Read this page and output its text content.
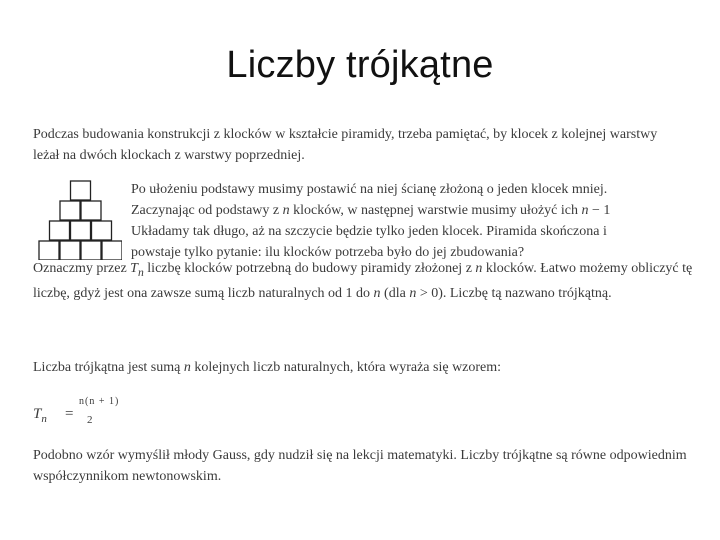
Liczby trójkątne
Podczas budowania konstrukcji z klocków w kształcie piramidy, trzeba pamiętać, by klocek z kolejnej warstwy leżał na dwóch klockach z warstwy poprzedniej.
Po ułożeniu podstawy musimy postawić na niej ścianę złożoną o jeden klocek mniej.
Zaczynając od podstawy z n klocków, w następnej warstwie musimy ułożyć ich n − 1
Układamy tak długo, aż na szczycie będzie tylko jeden klocek. Piramida skończona i
powstaje tylko pytanie: ilu klocków potrzeba było do jej zbudowania?
Oznaczmy przez $T_n$ liczbę klocków potrzebną do budowy piramidy złożonej z n klocków. Łatwo możemy obliczyć tę liczbę, gdyż jest ona zawsze sumą liczb naturalnych od 1 do n (dla n > 0). Liczbę tą nazwano trójkątną.
Liczba trójkątna jest sumą n kolejnych liczb naturalnych, która wyraża się wzorem:
$T_n$ =
n(n + 1)
2
Podobno wzór wymyślił młody Gauss, gdy nudził się na lekcji matematyki. Liczby trójkątne są równe odpowiednim współczynnikom newtonowskim.
